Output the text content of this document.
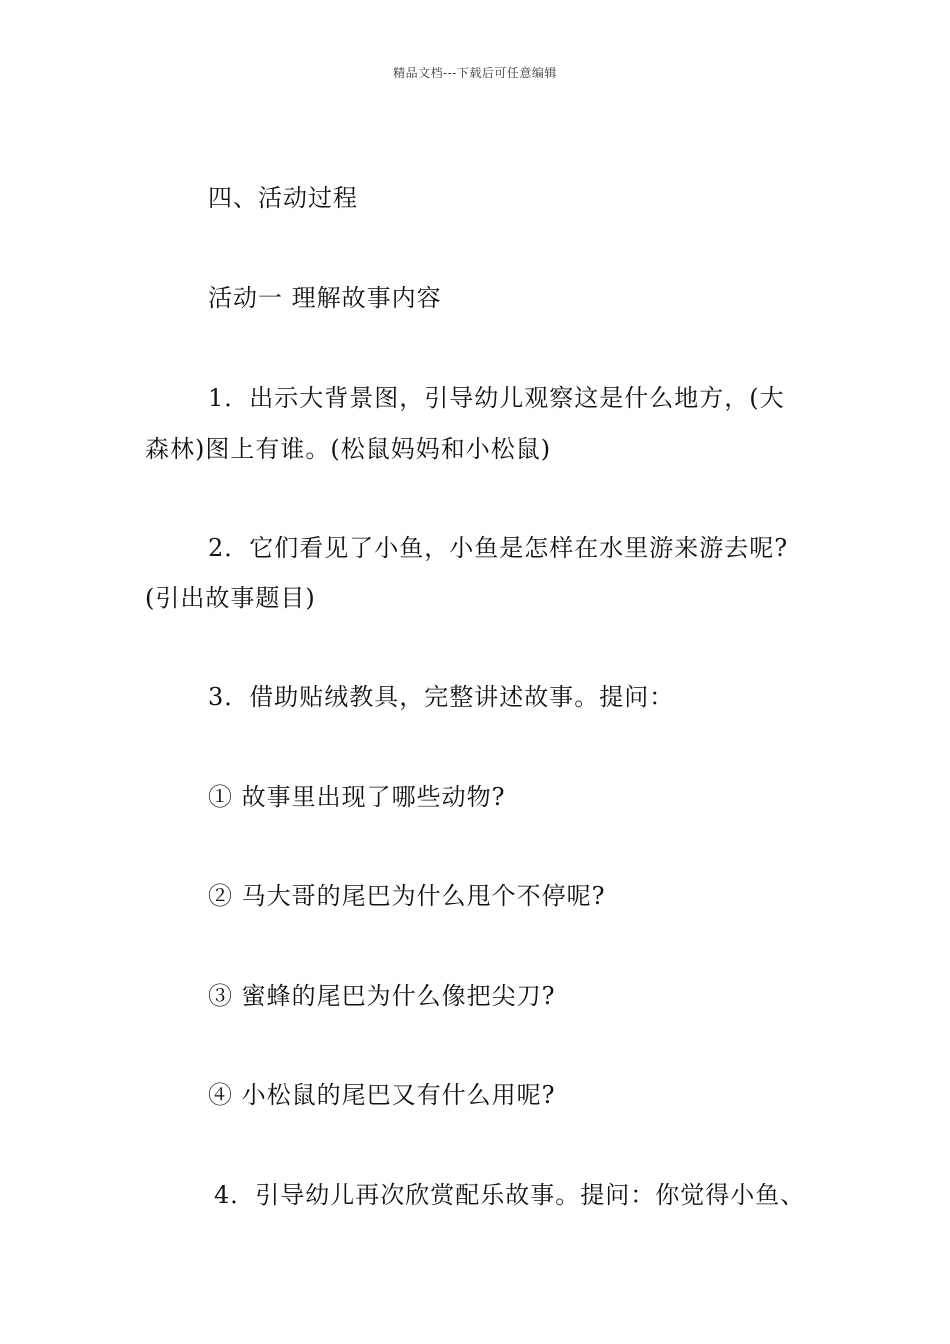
精品文档---下载后可任意编辑
四、活动过程
活动一 理解故事内容
1．出示大背景图，引导幼儿观察这是什么地方，(大
森林)图上有谁。(松鼠妈妈和小松鼠)
2．它们看见了小鱼，小鱼是怎样在水里游来游去呢?
(引出故事题目)
3．借助贴绒教具，完整讲述故事。提问：
① 故事里出现了哪些动物?
② 马大哥的尾巴为什么甩个不停呢?
③ 蜜蜂的尾巴为什么像把尖刀?
④ 小松鼠的尾巴又有什么用呢?
4．引导幼儿再次欣赏配乐故事。提问：你觉得小鱼、
